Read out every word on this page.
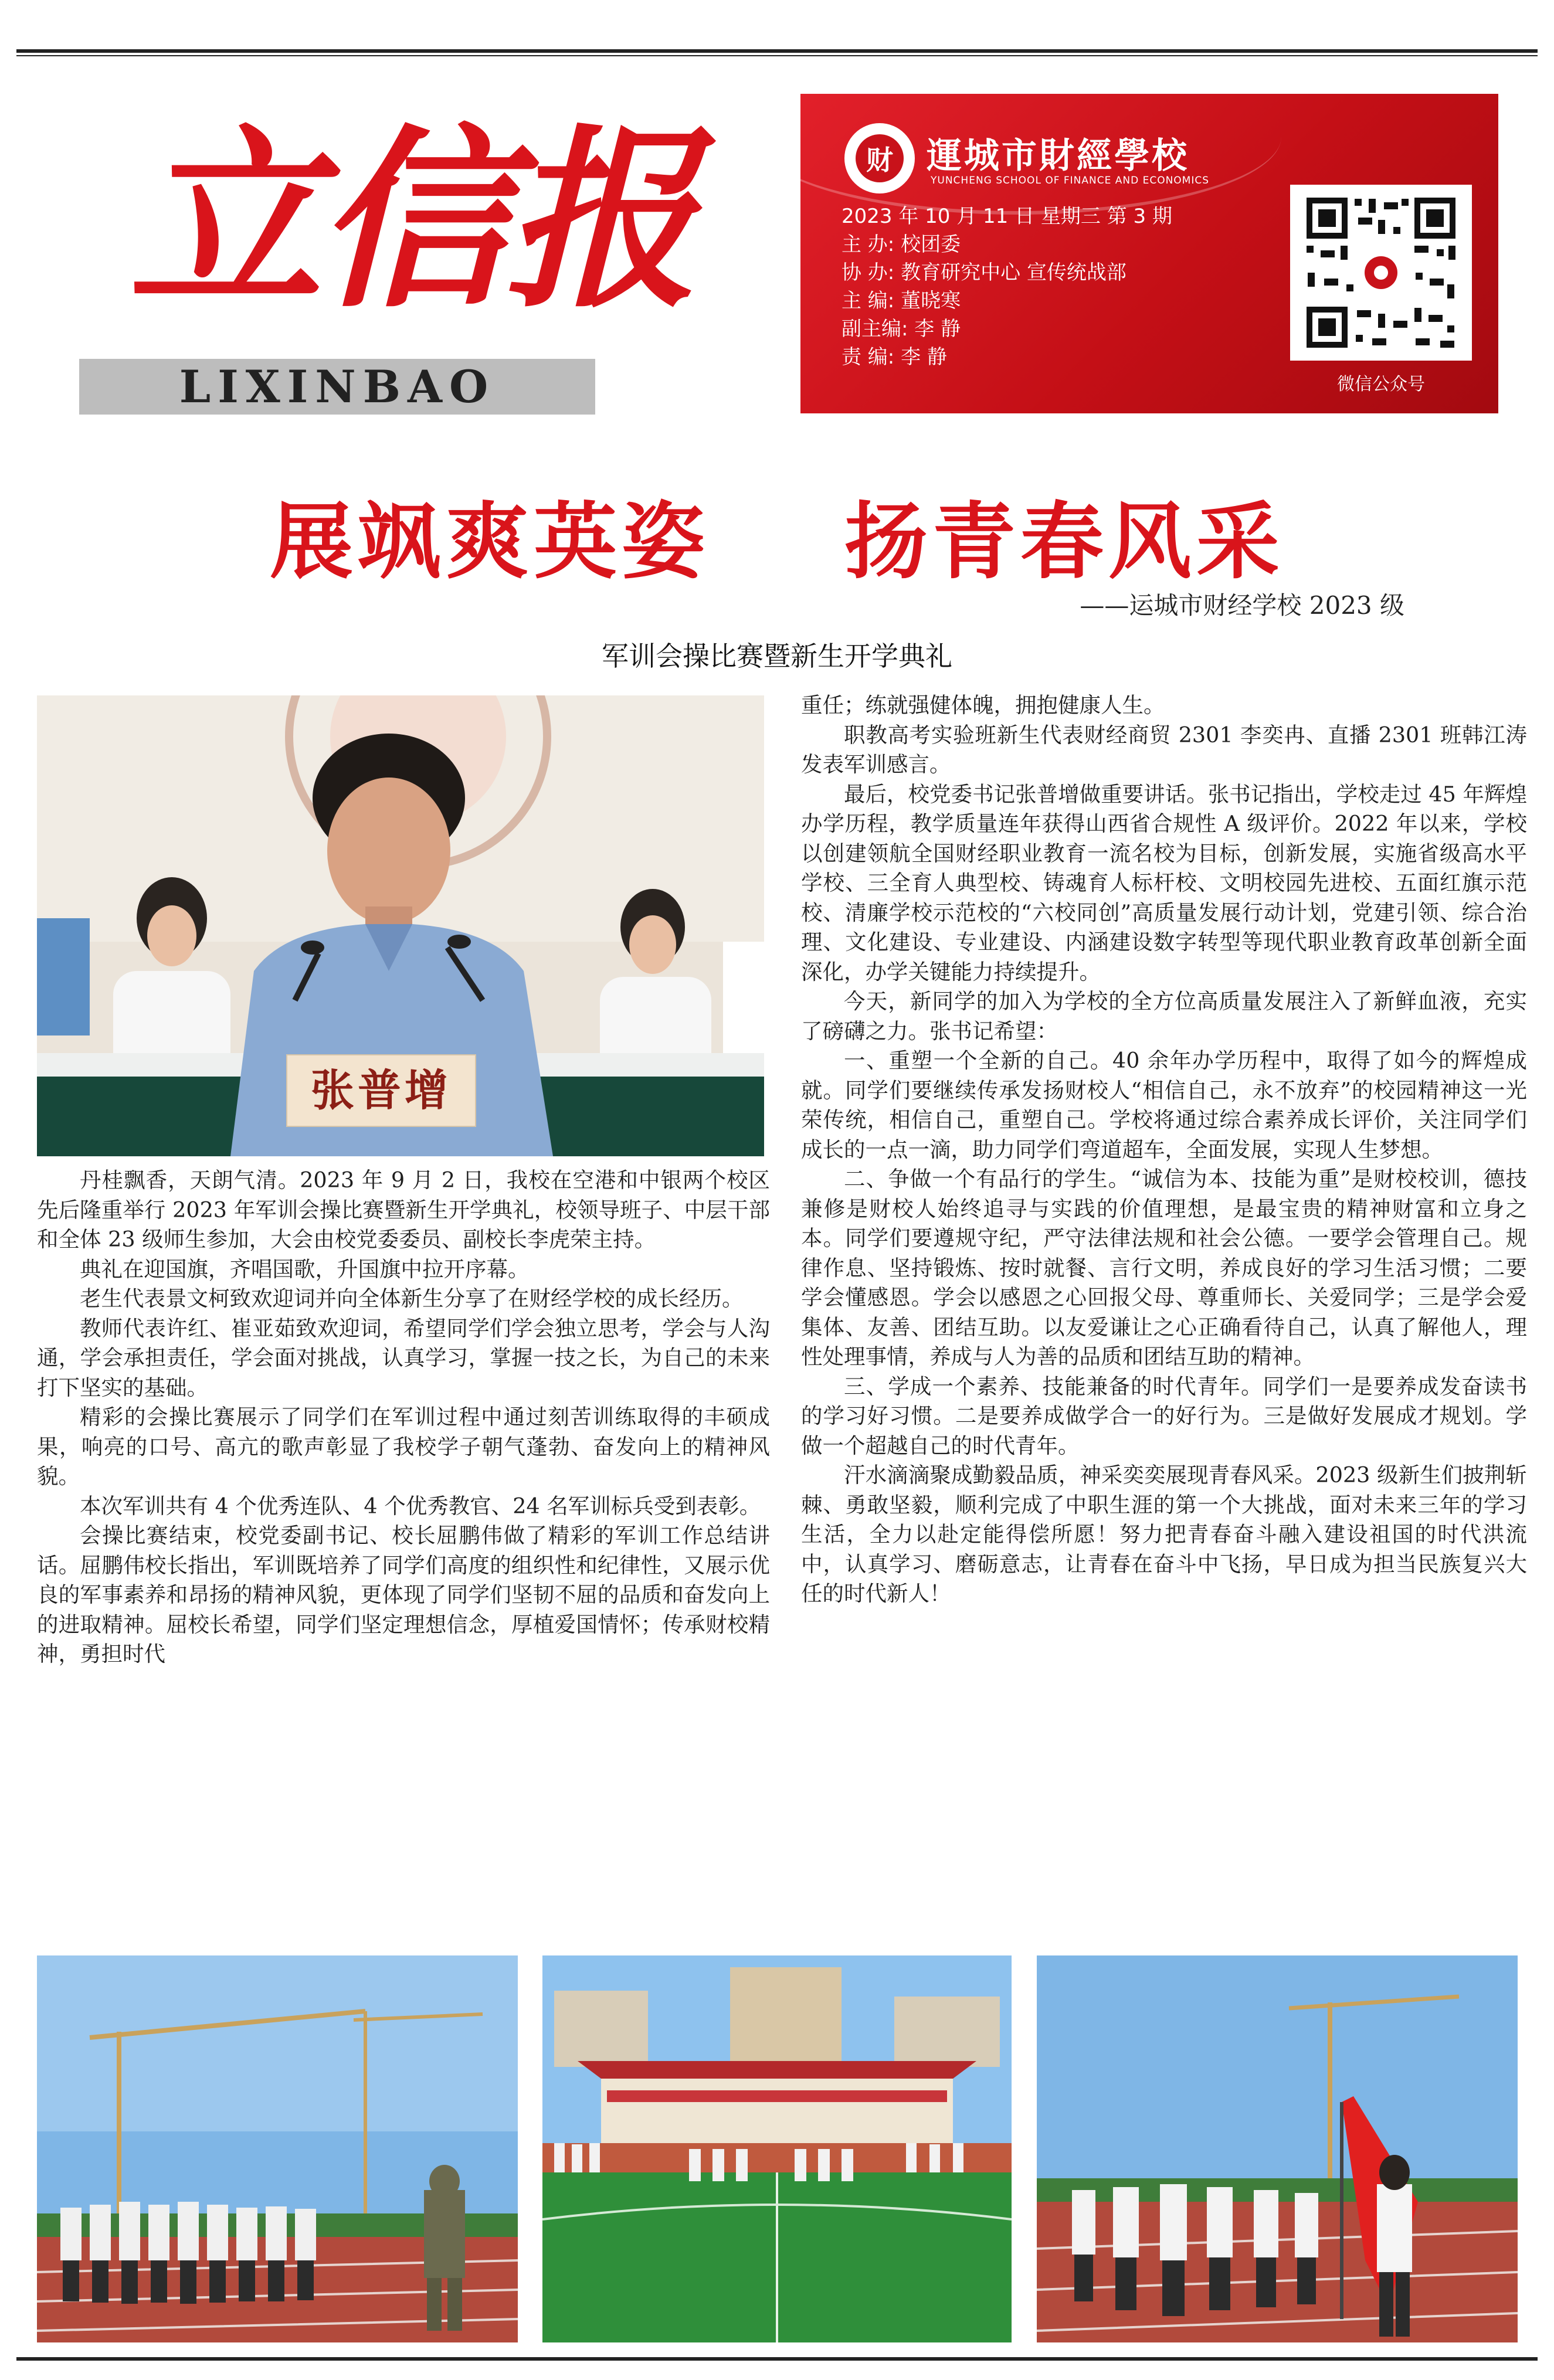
立信报
LIXINBAO
财 運城市財經學校
YUNCHENG SCHOOL OF FINANCE AND ECONOMICS
2023 年 10 月 11 日 星期三 第 3 期
主 办: 校团委
协 办: 教育研究中心 宣传统战部
主 编: 董晓寒
副主编: 李 静
责 编: 李 静
微信公众号
展飒爽英姿    扬青春风采
——运城市财经学校 2023 级
军训会操比赛暨新生开学典礼
张普增

丹桂飘香，天朗气清。2023 年 9 月 2 日，我校在空港和中银两个校区先后隆重举行 2023 年军训会操比赛暨新生开学典礼，校领导班子、中层干部和全体 23 级师生参加，大会由校党委委员、副校长李虎荣主持。

典礼在迎国旗，齐唱国歌，升国旗中拉开序幕。

老生代表景文柯致欢迎词并向全体新生分享了在财经学校的成长经历。

教师代表许红、崔亚茹致欢迎词，希望同学们学会独立思考，学会与人沟通，学会承担责任，学会面对挑战，认真学习，掌握一技之长，为自己的未来打下坚实的基础。

精彩的会操比赛展示了同学们在军训过程中通过刻苦训练取得的丰硕成果，响亮的口号、高亢的歌声彰显了我校学子朝气蓬勃、奋发向上的精神风貌。

本次军训共有 4 个优秀连队、4 个优秀教官、24 名军训标兵受到表彰。

会操比赛结束，校党委副书记、校长屈鹏伟做了精彩的军训工作总结讲话。屈鹏伟校长指出，军训既培养了同学们高度的组织性和纪律性，又展示优良的军事素养和昂扬的精神风貌，更体现了同学们坚韧不屈的品质和奋发向上的进取精神。屈校长希望，同学们坚定理想信念，厚植爱国情怀；传承财校精神，勇担时代

重任；练就强健体魄，拥抱健康人生。

职教高考实验班新生代表财经商贸 2301 李奕冉、直播 2301 班韩江涛发表军训感言。

最后，校党委书记张普增做重要讲话。张书记指出，学校走过 45 年辉煌办学历程，教学质量连年获得山西省合规性 A 级评价。2022 年以来，学校以创建领航全国财经职业教育一流名校为目标，创新发展，实施省级高水平学校、三全育人典型校、铸魂育人标杆校、文明校园先进校、五面红旗示范校、清廉学校示范校的“六校同创”高质量发展行动计划，党建引领、综合治理、文化建设、专业建设、内涵建设数字转型等现代职业教育政革创新全面深化，办学关键能力持续提升。

今天，新同学的加入为学校的全方位高质量发展注入了新鲜血液，充实了磅礴之力。张书记希望：

一、重塑一个全新的自己。40 余年办学历程中，取得了如今的辉煌成就。同学们要继续传承发扬财校人“相信自己，永不放弃”的校园精神这一光荣传统，相信自己，重塑自己。学校将通过综合素养成长评价，关注同学们成长的一点一滴，助力同学们弯道超车，全面发展，实现人生梦想。

二、争做一个有品行的学生。“诚信为本、技能为重”是财校校训，德技兼修是财校人始终追寻与实践的价值理想，是最宝贵的精神财富和立身之本。同学们要遵规守纪，严守法律法规和社会公德。一要学会管理自己。规律作息、坚持锻炼、按时就餐、言行文明，养成良好的学习生活习惯；二要学会懂感恩。学会以感恩之心回报父母、尊重师长、关爱同学；三是学会爱集体、友善、团结互助。以友爱谦让之心正确看待自己，认真了解他人，理性处理事情，养成与人为善的品质和团结互助的精神。

三、学成一个素养、技能兼备的时代青年。同学们一是要养成发奋读书的学习好习惯。二是要养成做学合一的好行为。三是做好发展成才规划。学做一个超越自己的时代青年。

汗水滴滴聚成勤毅品质，神采奕奕展现青春风采。2023 级新生们披荆斩棘、勇敢坚毅，顺利完成了中职生涯的第一个大挑战，面对未来三年的学习生活，全力以赴定能得偿所愿！努力把青春奋斗融入建设祖国的时代洪流中，认真学习、磨砺意志，让青春在奋斗中飞扬，早日成为担当民族复兴大任的时代新人！
